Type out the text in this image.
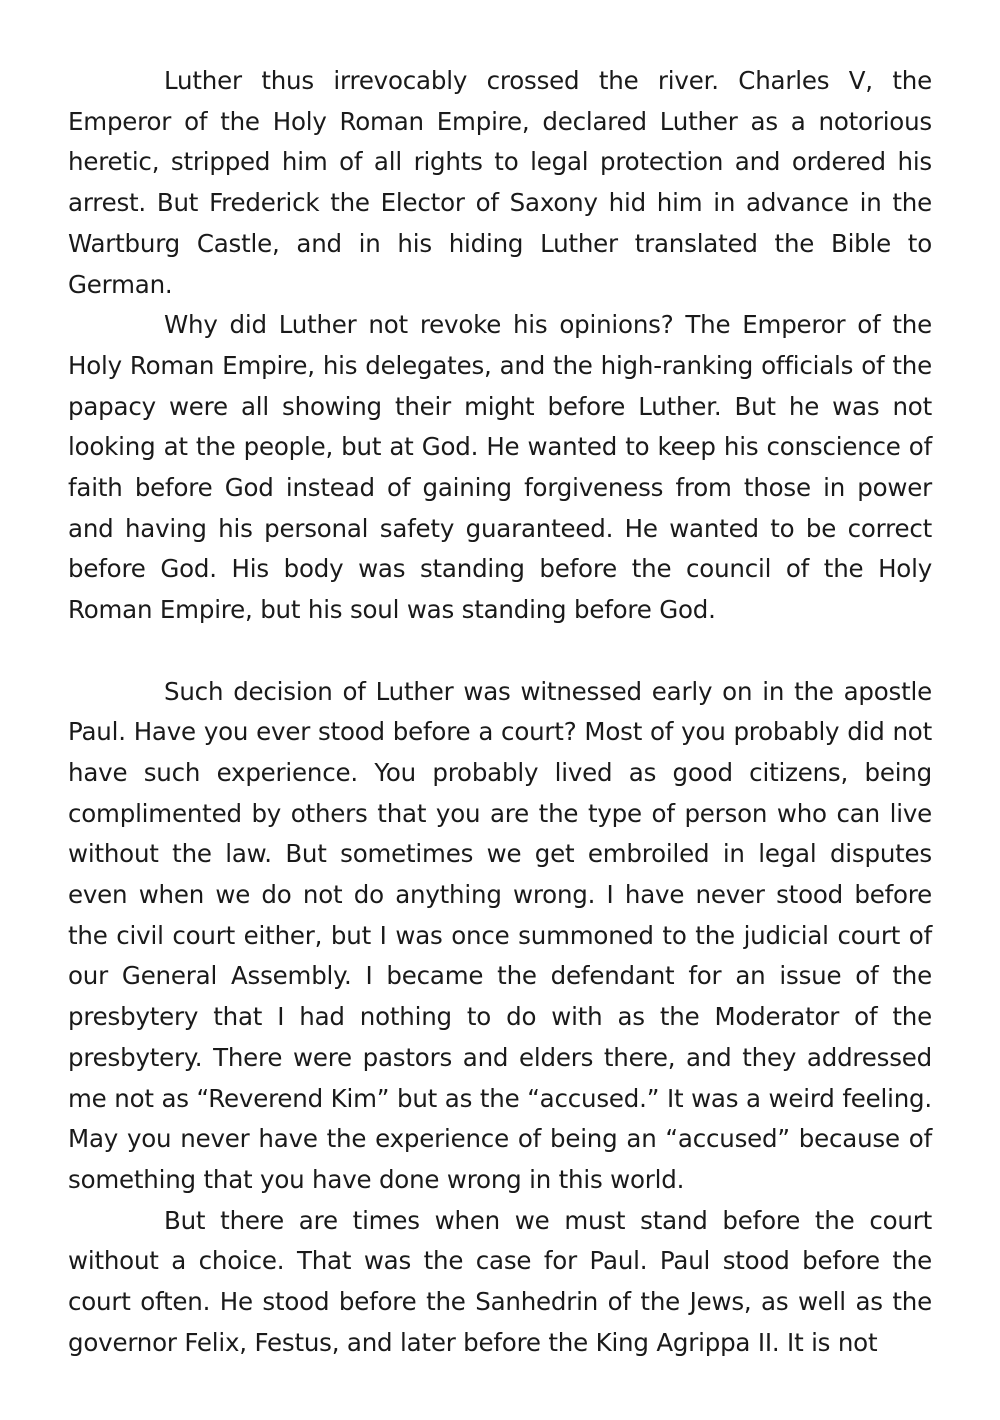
Luther thus irrevocably crossed the river. Charles V, the Emperor of the Holy Roman Empire, declared Luther as a notorious heretic, stripped him of all rights to legal protection and ordered his arrest. But Frederick the Elector of Saxony hid him in advance in the Wartburg Castle, and in his hiding Luther translated the Bible to German.

Why did Luther not revoke his opinions? The Emperor of the Holy Roman Empire, his delegates, and the high-ranking officials of the papacy were all showing their might before Luther. But he was not looking at the people, but at God. He wanted to keep his conscience of faith before God instead of gaining forgiveness from those in power and having his personal safety guaranteed. He wanted to be correct before God. His body was standing before the council of the Holy Roman Empire, but his soul was standing before God.

Such decision of Luther was witnessed early on in the apostle Paul. Have you ever stood before a court? Most of you probably did not have such experience. You probably lived as good citizens, being complimented by others that you are the type of person who can live without the law. But sometimes we get embroiled in legal disputes even when we do not do anything wrong. I have never stood before the civil court either, but I was once summoned to the judicial court of our General Assembly. I became the defendant for an issue of the presbytery that I had nothing to do with as the Moderator of the presbytery. There were pastors and elders there, and they addressed me not as “Reverend Kim” but as the “accused.” It was a weird feeling. May you never have the experience of being an “accused” because of something that you have done wrong in this world.

But there are times when we must stand before the court without a choice. That was the case for Paul. Paul stood before the court often. He stood before the Sanhedrin of the Jews, as well as the governor Felix, Festus, and later before the King Agrippa II. It is not
